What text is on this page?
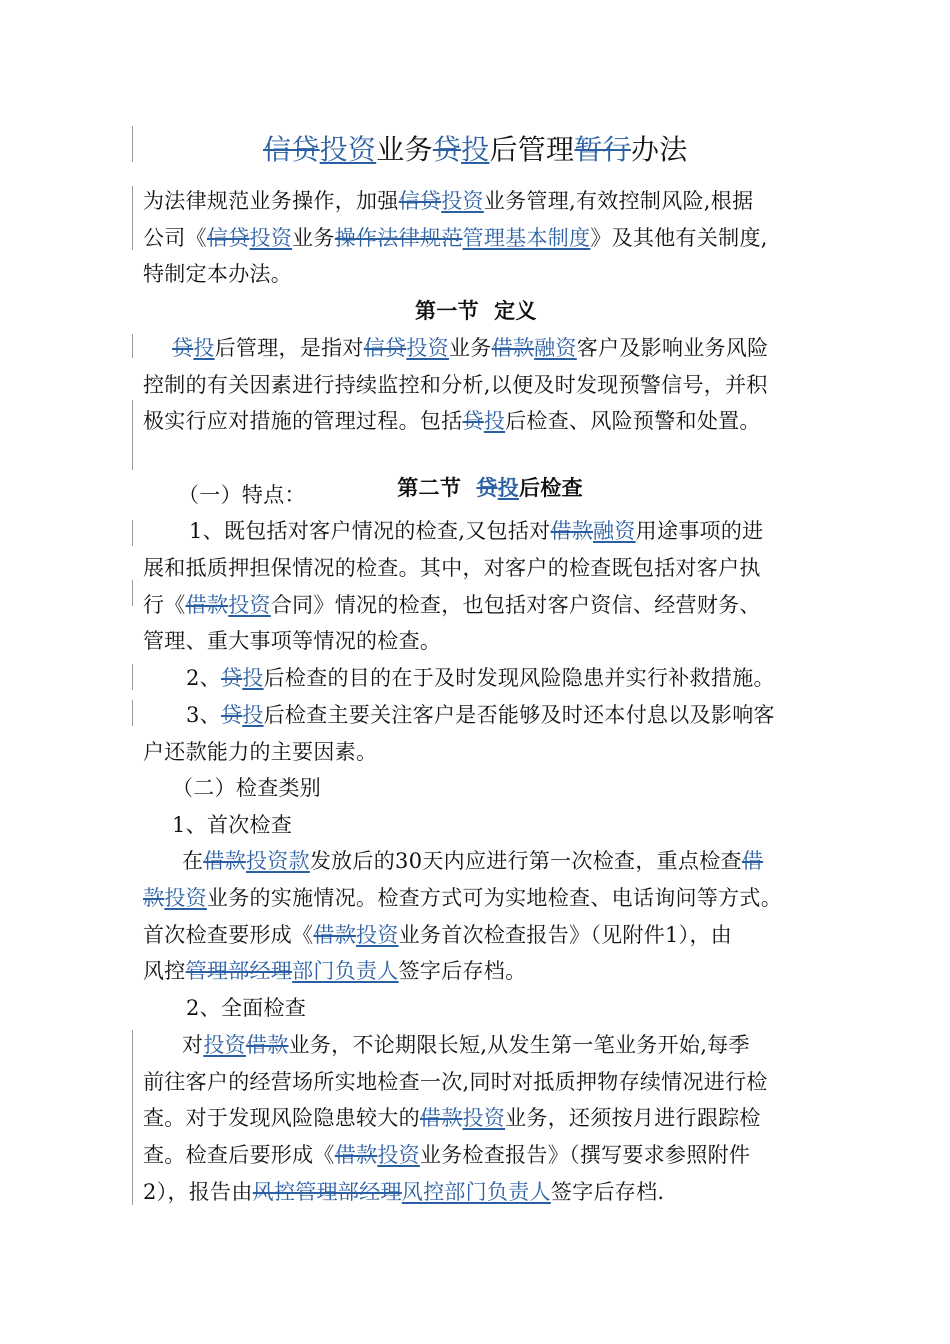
信贷投资业务贷投后管理暂行办法
为法律规范业务操作，加强信贷投资业务管理,有效控制风险,根据
公司《信贷投资业务操作法律规范管理基本制度》及其他有关制度,
特制定本办法。
第一节  定义
贷投后管理，是指对信贷投资业务借款融资客户及影响业务风险
控制的有关因素进行持续监控和分析,以便及时发现预警信号，并积
极实行应对措施的管理过程。包括贷投后检查、风险预警和处置。

第二节  贷投后检查

（一）特点：
1、既包括对客户情况的检查,又包括对借款融资用途事项的进
展和抵质押担保情况的检查。其中，对客户的检查既包括对客户执
行《借款投资合同》情况的检查，也包括对客户资信、经营财务、
管理、重大事项等情况的检查。
2、贷投后检查的目的在于及时发现风险隐患并实行补救措施。
3、贷投后检查主要关注客户是否能够及时还本付息以及影响客
户还款能力的主要因素。
（二）检查类别
1、首次检查
在借款投资款发放后的30天内应进行第一次检查，重点检查借
款投资业务的实施情况。检查方式可为实地检查、电话询问等方式。
首次检查要形成《借款投资业务首次检查报告》（见附件1），由
风控管理部经理部门负责人签字后存档。
2、全面检查
对投资借款业务，不论期限长短,从发生第一笔业务开始,每季
前往客户的经营场所实地检查一次,同时对抵质押物存续情况进行检
查。对于发现风险隐患较大的借款投资业务，还须按月进行跟踪检
查。检查后要形成《借款投资业务检查报告》（撰写要求参照附件
2），报告由风控管理部经理风控部门负责人签字后存档.
